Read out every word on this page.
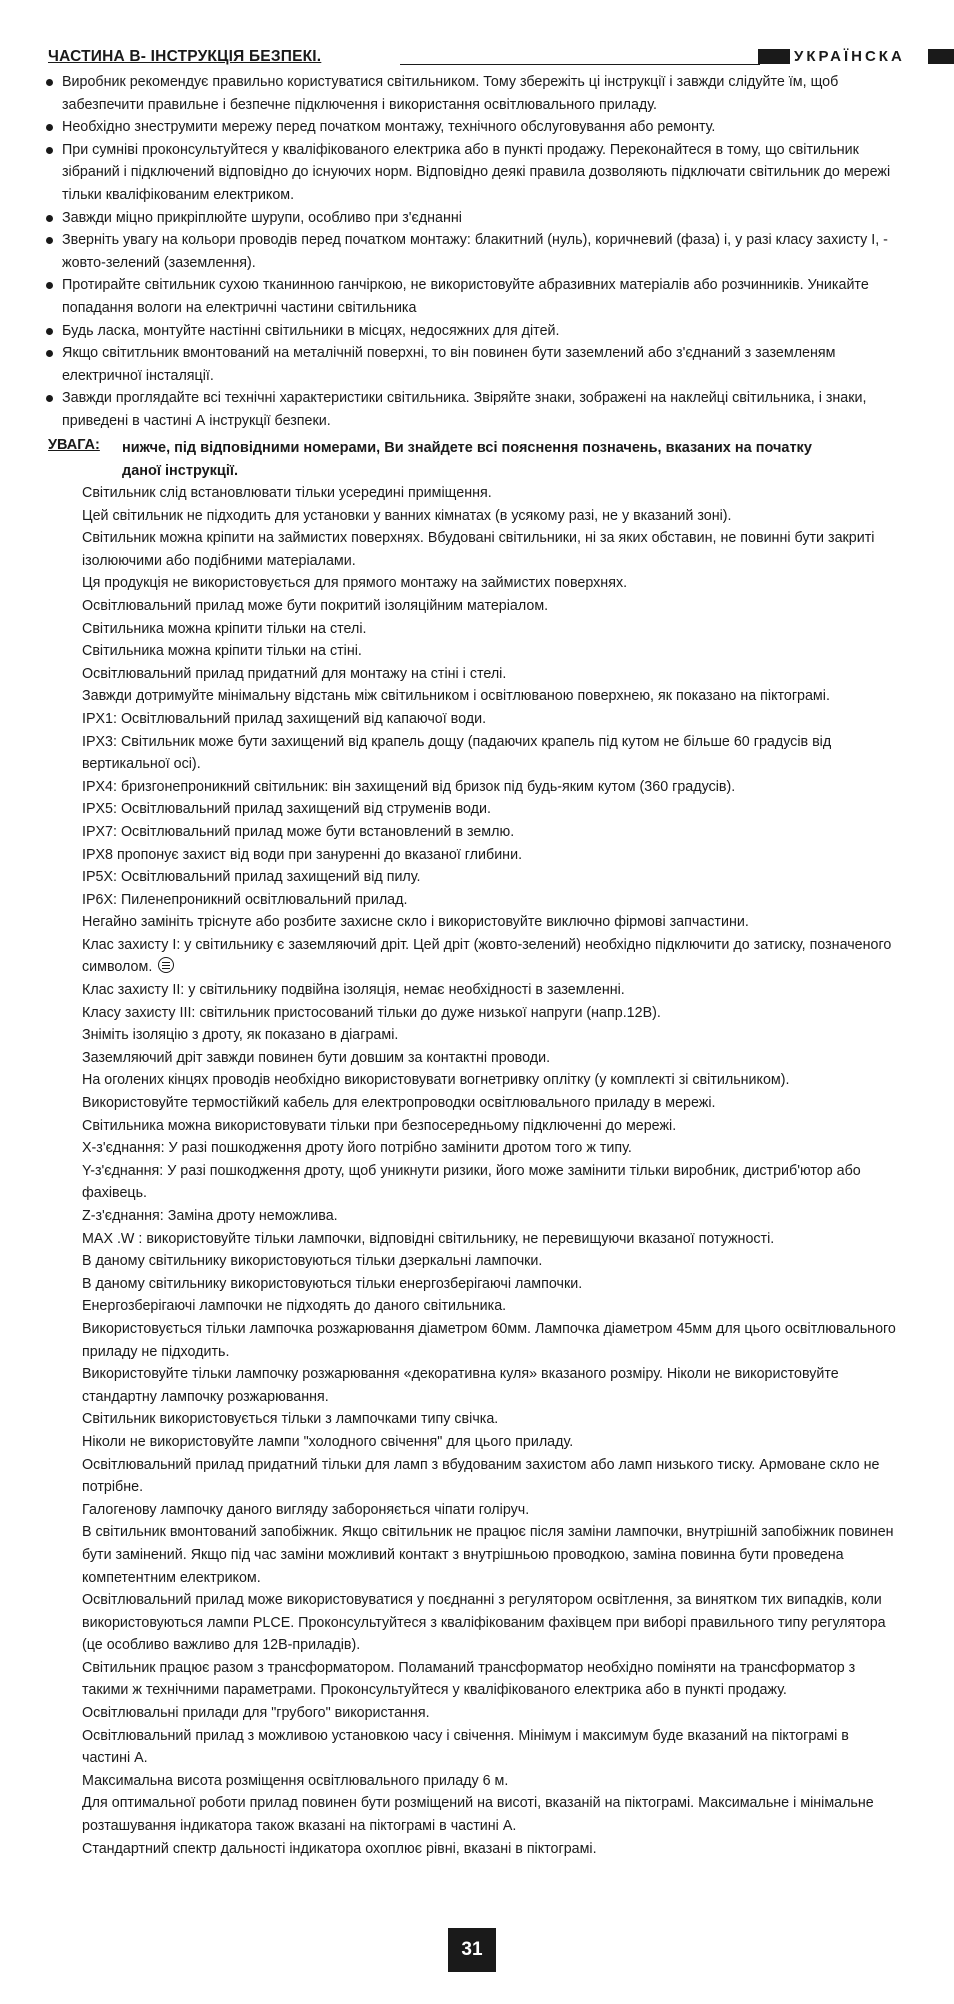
ЧАСТИНА В- ІНСТРУКЦІЯ БЕЗПЕКІ.	УКРАЇНСКА
Виробник рекомендує правильно користуватися світильником. Тому збережіть ці інструкції і завжди слідуйте їм, щоб забезпечити правильне і безпечне підключення і використання освітлювального приладу.
Необхідно знеструмити мережу перед початком монтажу, технічного обслуговування або ремонту.
При сумніві проконсультуйтеся у кваліфікованого електрика або в пункті продажу. Переконайтеся в тому, що світильник зібраний і підключений відповідно до існуючих норм. Відповідно деякі правила дозволяють підключати світильник до мережі тільки кваліфікованим електриком.
Завжди міцно прикріплюйте шурупи, особливо при з'єднанні
Зверніть увагу на кольори проводів перед початком монтажу: блакитний (нуль), коричневий (фаза) і, у разі класу захисту I, - жовто-зелений (заземлення).
Протирайте світильник сухою тканинною ганчіркою, не використовуйте абразивних матеріалів або розчинників. Уникайте попадання вологи на електричні частини світильника
Будь ласка, монтуйте настінні світильники в місцях, недосяжних для дітей.
Якщо світитльник вмонтований на металічній поверхні, то він повинен бути заземлений або з'єднаний з заземленям електричної інсталяції.
Завжди проглядайте всі технічні характеристики світильника. Звіряйте знаки, зображені на наклейці світильника, і знаки, приведені в частині А інструкції безпеки.
УВАГА: нижче, під відповідними номерами, Ви знайдете всі пояснення позначень, вказаних на початку даної інструкції.
Світильник слід встановлювати тільки усередині приміщення.
Цей світильник не підходить для установки у ванних кімнатах (в усякому разі, не у вказаний зоні).
Світильник можна кріпити на займистих поверхнях. Вбудовані світильники, ні за яких обставин, не повинні бути закриті ізолюючими або подібними матеріалами.
Ця продукція не використовується для прямого монтажу на займистих поверхнях.
Освітлювальний прилад може бути покритий ізоляційним матеріалом.
Світильника можна кріпити тільки на стелі.
Світильника можна кріпити тільки на стіні.
Освітлювальний прилад придатний для монтажу на стіні і стелі.
Завжди дотримуйте мінімальну відстань між світильником і освітлюваною поверхнею, як показано на піктограмі.
IPX1: Освітлювальний прилад захищений від капаючої води.
IPX3: Світильник може бути захищений від крапель дощу (падаючих крапель під кутом не більше 60 градусів від вертикальної осі).
IPX4: бризгонепроникний світильник: він захищений від бризок під будь-яким кутом (360 градусів).
IPX5: Освітлювальний прилад захищений від струменів води.
IPX7: Освітлювальний прилад може бути встановлений в землю.
IPX8 пропонує захист від води при зануренні до вказаної глибини.
IP5X: Освітлювальний прилад захищений від пилу.
IP6X: Пиленепроникний освітлювальний прилад.
Негайно замініть тріснуте або розбите захисне скло і використовуйте виключно фірмові запчастини.
Клас захисту I: у світильнику є заземляючий дріт. Цей дріт (жовто-зелений) необхідно підключити до затиску, позначеного символом.
Клас захисту II: у світильнику подвійна ізоляція, немає необхідності в заземленні.
Класу захисту III: світильник пристосований тільки до дуже низької напруги (напр.12В).
Зніміть ізоляцію з дроту, як показано в діаграмі.
Заземляючий дріт завжди повинен бути довшим за контактні проводи.
На оголених кінцях проводів необхідно використовувати вогнетривку оплітку (у комплекті зі світильником).
Використовуйте термостійкий кабель для електропроводки освітлювального приладу в мережі.
Світильника можна використовувати тільки при безпосередньому підключенні до мережі.
X-з'єднання: У разі пошкодження дроту його потрібно замінити дротом того ж типу.
Y-з'єднання: У разі пошкодження дроту, щоб уникнути ризики, його може замінити тільки виробник, дистриб'ютор або фахівець.
Z-з'єднання: Заміна дроту неможлива.
MAX .W : використовуйте тільки лампочки, відповідні світильнику, не перевищуючи вказаної потужності.
В даному світильнику використовуються тільки дзеркальні лампочки.
В даному світильнику використовуються тільки енергозберігаючі лампочки.
Енергозберігаючі лампочки не підходять до даного світильника.
Використовується тільки лампочка розжарювання діаметром 60мм. Лампочка діаметром 45мм для цього освітлювального приладу не підходить.
Використовуйте тільки лампочку розжарювання «декоративна куля» вказаного розміру. Ніколи не використовуйте стандартну лампочку розжарювання.
Світильник використовується тільки з лампочками типу свічка.
Ніколи не використовуйте лампи "холодного свічення" для цього приладу.
Освітлювальний прилад придатний тільки для ламп з вбудованим захистом або ламп низького тиску. Армоване скло не потрібне.
Галогенову лампочку даного вигляду забороняється чіпати голіруч.
В світильник вмонтований запобіжник. Якщо світильник не працює після заміни лампочки, внутрішній запобіжник повинен бути замінений. Якщо під час заміни можливий контакт з внутрішньою проводкою, заміна повинна бути проведена компетентним електриком.
Освітлювальний прилад може використовуватися у поєднанні з регулятором освітлення, за винятком тих випадків, коли використовуються лампи PLCE. Проконсультуйтеся з кваліфікованим фахівцем при виборі правильного типу регулятора (це особливо важливо для 12В-приладів).
Світильник працює разом з трансформатором. Поламаний трансформатор необхідно поміняти на трансформатор з такими ж технічними параметрами. Проконсультуйтеся у кваліфікованого електрика або в пункті продажу.
Освітлювальні прилади для "грубого" використання.
Освітлювальний прилад з можливою установкою часу і свічення. Мінімум і максимум буде вказаний на піктограмі в частині А.
Максимальна висота розміщення освітлювального приладу 6 м.
Для оптимальної роботи прилад повинен бути розміщений на висоті, вказаній на піктограмі. Максимальне і мінімальне розташування індикатора також вказані на піктограмі в частині А.
Стандартний спектр дальності індикатора охоплює рівні, вказані в піктограмі.
31
